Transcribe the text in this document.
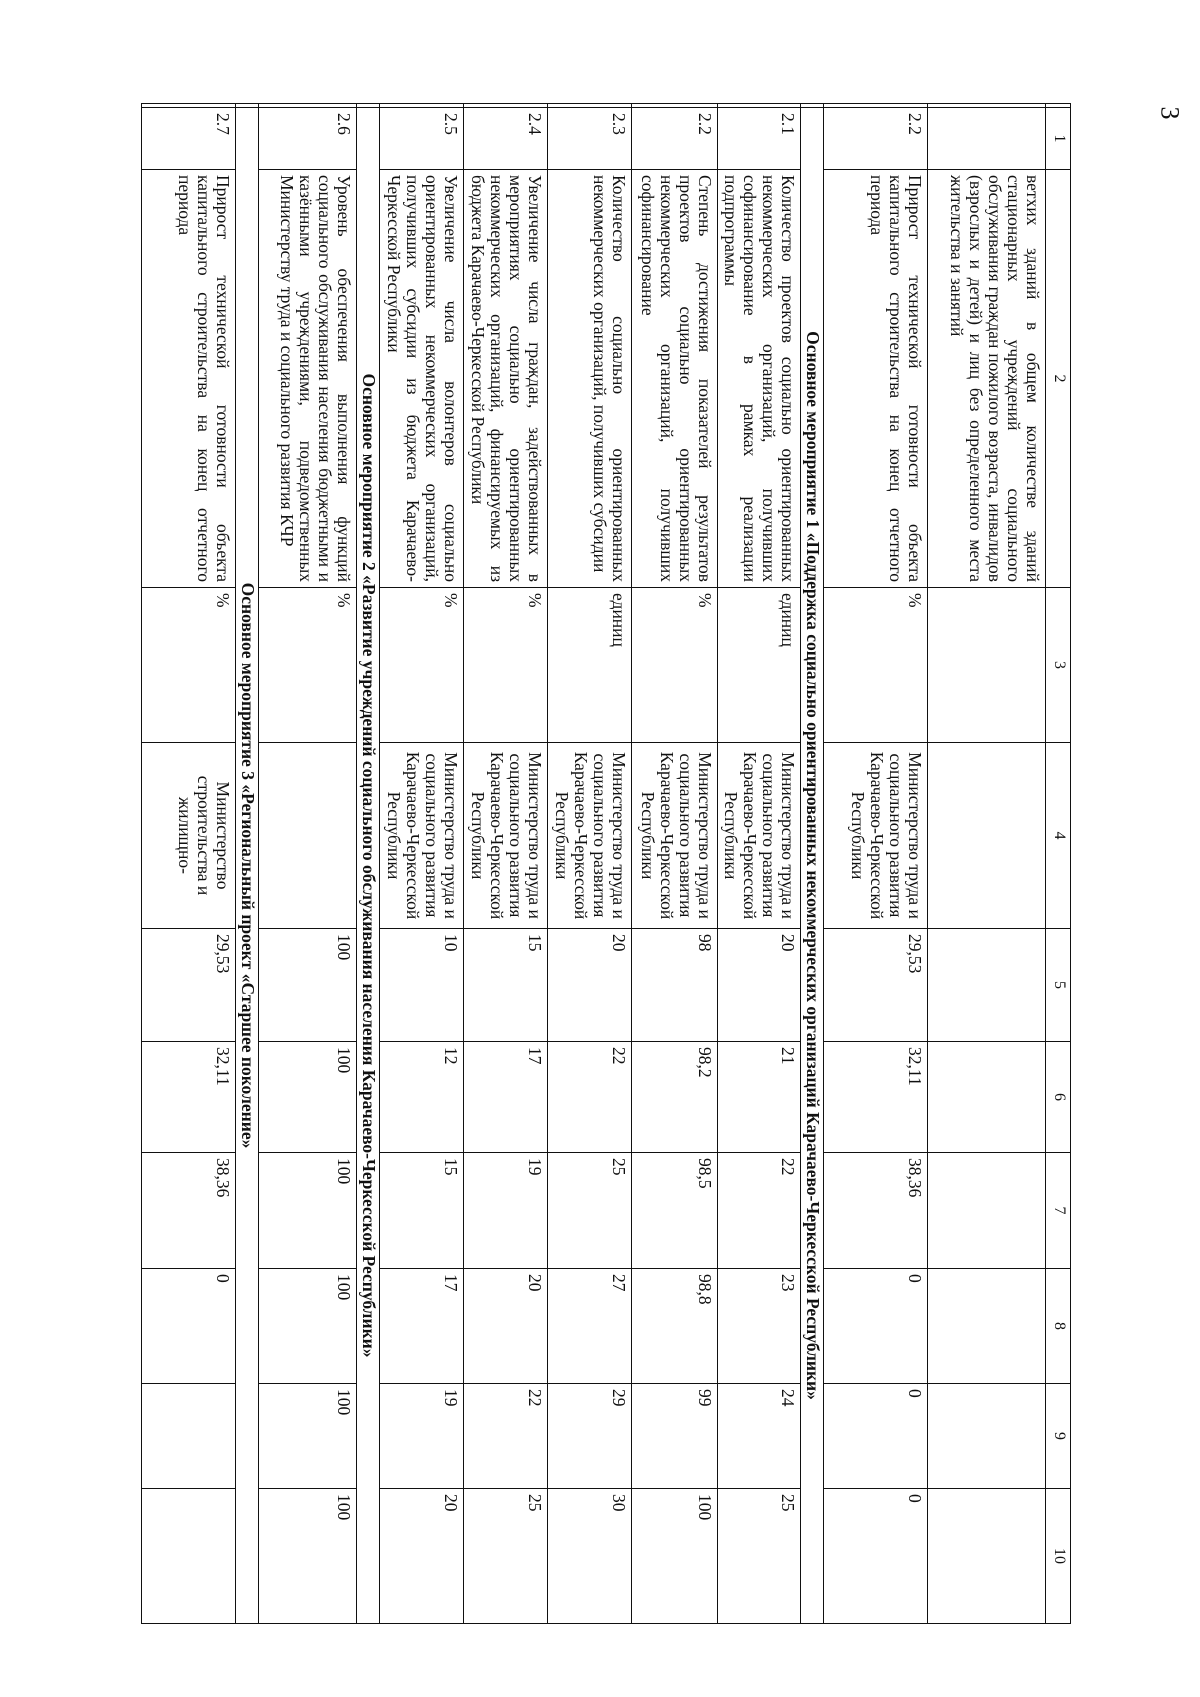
3
	1	2	3	4	5	6	7	8	9	10
		ветхих зданий в общем количестве зданий стационарных учреждений социального обслуживания граждан пожилого возраста, инвалидов (взрослых и детей) и лиц без определенного места жительства и занятий								
	2.2	Прирост технической готовности объекта капитального строительства на конец отчетного периода	%	Министерство труда и социального развития Карачаево-Черкесской Республики	29,53	32,11	38,36	0	0	0
	Основное мероприятие 1 «Поддержка социально ориентированных некоммерческих организаций Карачаево-Черкесской Республики»									
	2.1	Количество проектов социально ориентированных некоммерческих организаций, получивших софинансирование в рамках реализации подпрограммы	единиц	Министерство труда и социального развития Карачаево-Черкесской Республики	20	21	22	23	24	25
	2.2	Степень достижения показателей результатов проектов социально ориентированных некоммерческих организаций, получивших софинансирование	%	Министерство труда и социального развития Карачаево-Черкесской Республики	98	98,2	98,5	98,8	99	100
	2.3	Количество социально ориентированных некоммерческих организаций, получивших субсидии	единиц	Министерство труда и социального развития Карачаево-Черкесской Республики	20	22	25	27	29	30
	2.4	Увеличение числа граждан, задействованных в мероприятиях социально ориентированных некоммерческих организаций, финансируемых из бюджета Карачаево-Черкесской Республики	%	Министерство труда и социального развития Карачаево-Черкесской Республики	15	17	19	20	22	25
	2.5	Увеличение числа волонтеров социально ориентированных некоммерческих организаций, получивших субсидии из бюджета Карачаево-Черкесской Республики	%	Министерство труда и социального развития Карачаево-Черкесской Республики	10	12	15	17	19	20
	Основное мероприятие 2 «Развитие учреждений социального обслуживания населения Карачаево-Черкесской Республики»									
	2.6	Уровень обеспечения выполнения функций социального обслуживания населения бюджетными и казёнными учреждениями, подведомственных Министерству труда и социального развития КЧР	%		100	100	100	100	100	100
	Основное мероприятие 3 «Региональный проект «Старшее поколение»									
	2.7	Прирост технической готовности объекта капитального строительства на конец отчетного периода	%	Министерство строительства и жилищно-	29,53	32,11	38,36	0		
